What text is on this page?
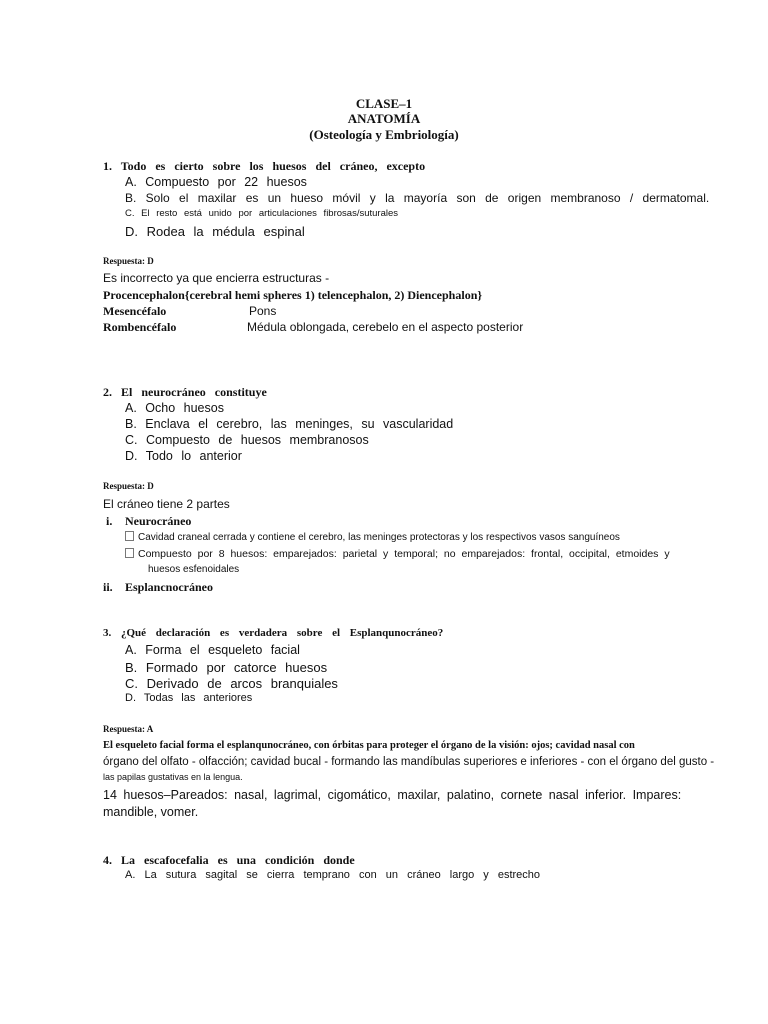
CLASE–1
ANATOMÍA
(Osteología y Embriología)
1. Todo es cierto sobre los huesos del cráneo, excepto
A. Compuesto por 22 huesos
B. Solo el maxilar es un hueso móvil y la mayoría son de origen membranoso / dermatomal.
C. El resto está unido por articulaciones fibrosas/suturales
D. Rodea la médula espinal
Respuesta: D
Es incorrecto ya que encierra estructuras -
Procencephalon{cerebral hemi spheres 1) telencephalon, 2) Diencephalon}
Mesencéfalo	Pons
Rombencéfalo	Médula oblongada, cerebelo en el aspecto posterior
2. El neurocráneo constituye
A. Ocho huesos
B. Enclava el cerebro, las meninges, su vascularidad
C. Compuesto de huesos membranosos
D. Todo lo anterior
Respuesta: D
El cráneo tiene 2 partes
i. Neurocráneo
Cavidad craneal cerrada y contiene el cerebro, las meninges protectoras y los respectivos vasos sanguíneos
Compuesto por 8 huesos: emparejados: parietal y temporal; no emparejados: frontal, occipital, etmoides y
huesos esfenoidales
ii. Esplancnocráneo
3. ¿Qué declaración es verdadera sobre el Esplanqunocráneo?
A. Forma el esqueleto facial
B. Formado por catorce huesos
C. Derivado de arcos branquiales
D. Todas las anteriores
Respuesta: A
El esqueleto facial forma el esplanqunocráneo, con órbitas para proteger el órgano de la visión: ojos; cavidad nasal con
órgano del olfato - olfacción; cavidad bucal - formando las mandíbulas superiores e inferiores - con el órgano del gusto -
las papilas gustativas en la lengua.
14 huesos–Pareados: nasal, lagrimal, cigomático, maxilar, palatino, cornete nasal inferior. Impares:
mandible, vomer.
4. La escafocefalia es una condición donde
A. La sutura sagital se cierra temprano con un cráneo largo y estrecho
